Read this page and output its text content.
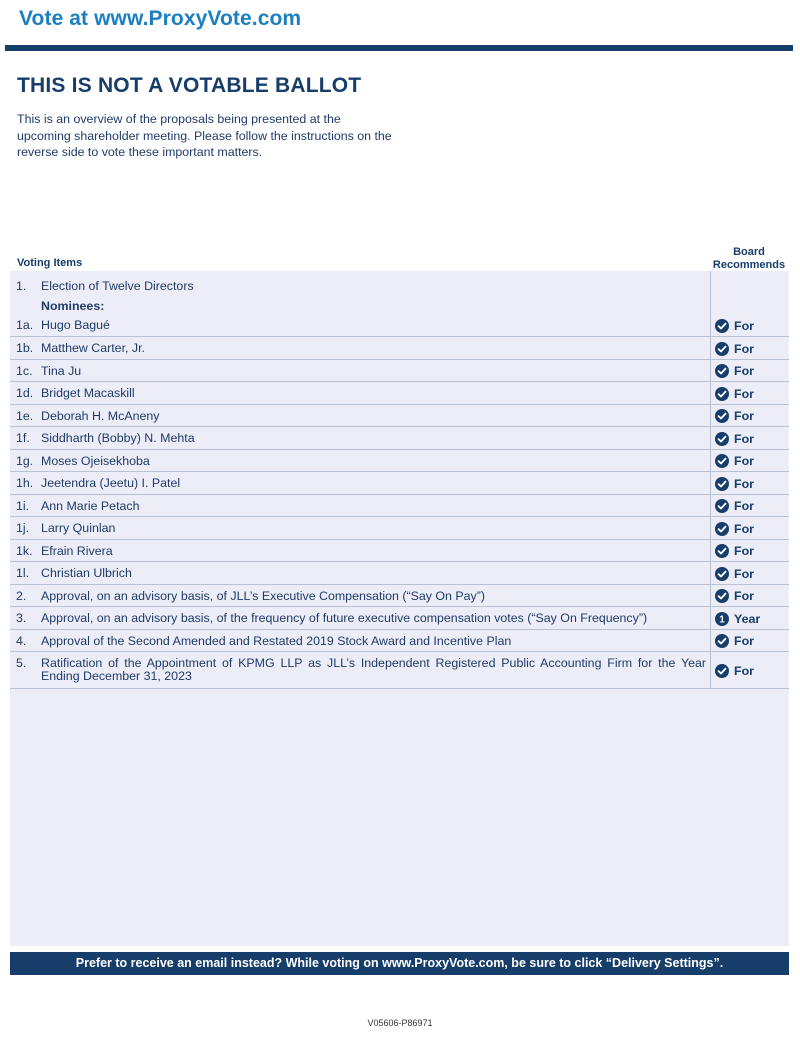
Vote at www.ProxyVote.com
THIS IS NOT A VOTABLE BALLOT
This is an overview of the proposals being presented at the upcoming shareholder meeting. Please follow the instructions on the reverse side to vote these important matters.
Board
Recommends
Voting Items
1. Election of Twelve Directors
Nominees:
1a. Hugo Bagué	For
1b. Matthew Carter, Jr.	For
1c. Tina Ju	For
1d. Bridget Macaskill	For
1e. Deborah H. McAneny	For
1f. Siddharth (Bobby) N. Mehta	For
1g. Moses Ojeisekhoba	For
1h. Jeetendra (Jeetu) I. Patel	For
1i. Ann Marie Petach	For
1j. Larry Quinlan	For
1k. Efrain Rivera	For
1l. Christian Ulbrich	For
2. Approval, on an advisory basis, of JLL’s Executive Compensation (“Say On Pay”)	For
3. Approval, on an advisory basis, of the frequency of future executive compensation votes (“Say On Frequency”)	1 Year
4. Approval of the Second Amended and Restated 2019 Stock Award and Incentive Plan	For
5. Ratification of the Appointment of KPMG LLP as JLL’s Independent Registered Public Accounting Firm for the Year Ending December 31, 2023	For
Prefer to receive an email instead? While voting on www.ProxyVote.com, be sure to click “Delivery Settings”.
V05606-P86971
